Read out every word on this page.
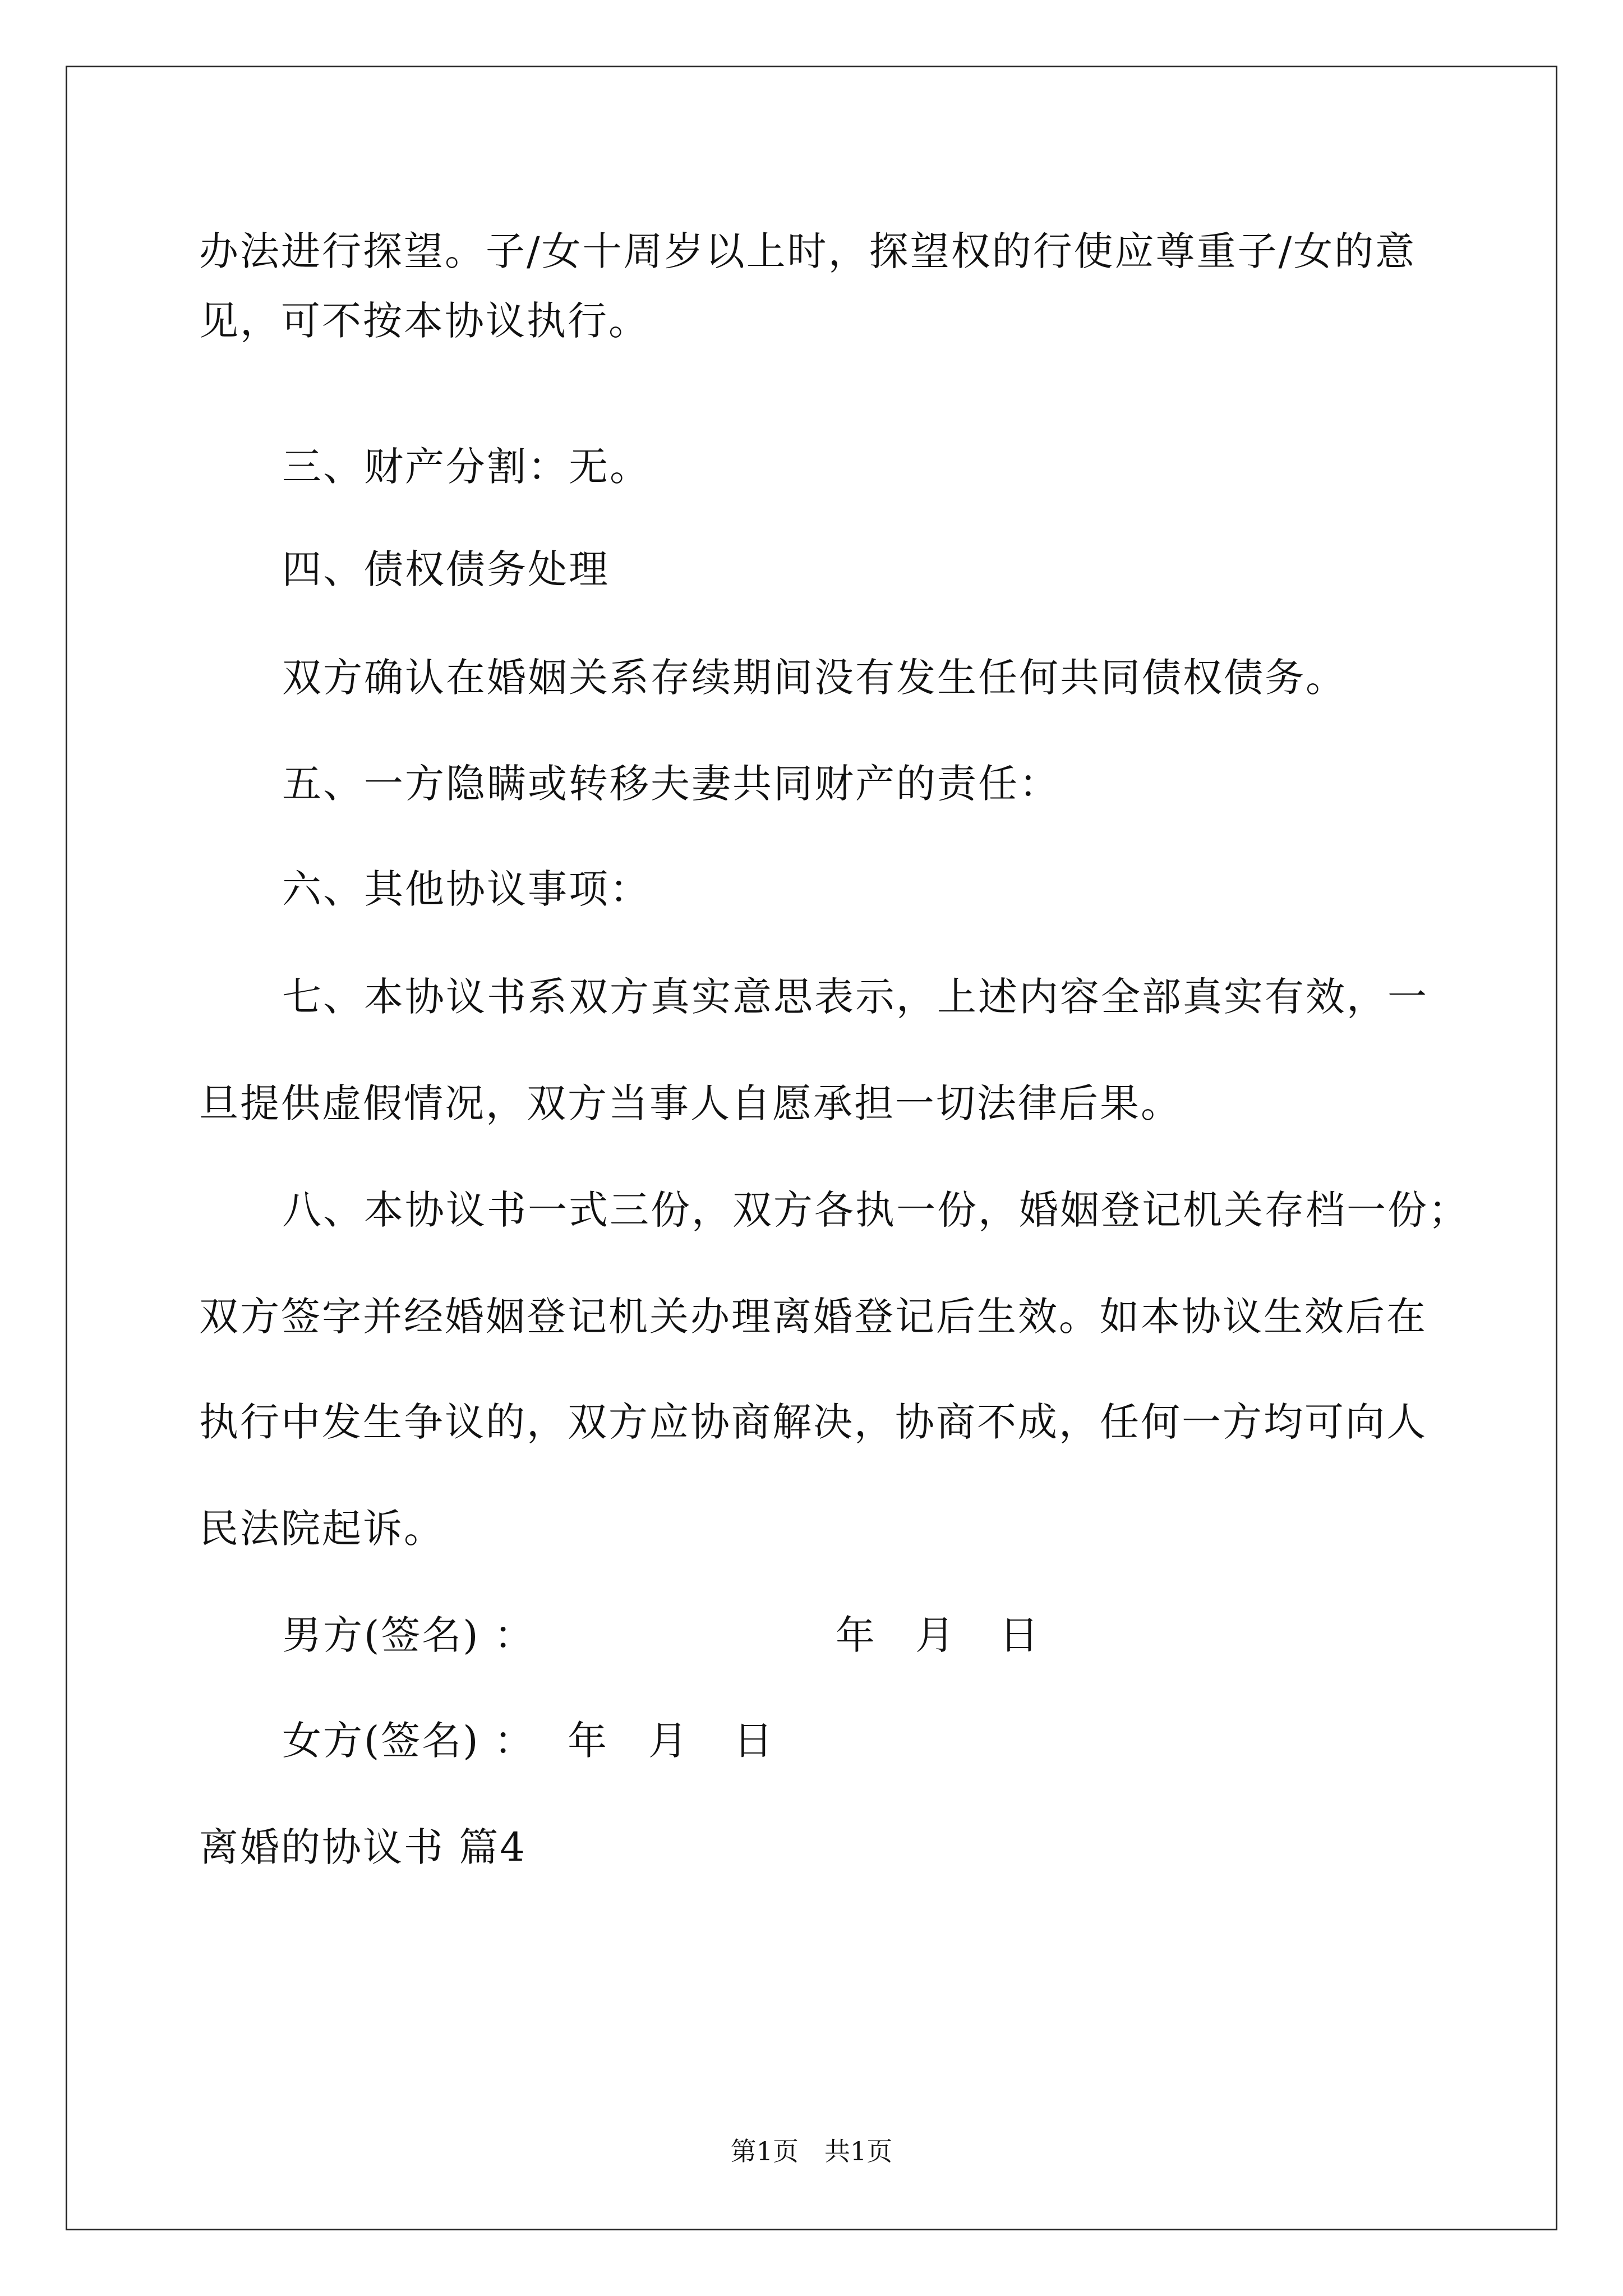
办法进行探望。子/女十周岁以上时，探望权的行使应尊重子/女的意
见，可不按本协议执行。
三、财产分割：无。
四、债权债务处理
双方确认在婚姻关系存续期间没有发生任何共同债权债务。
五、一方隐瞒或转移夫妻共同财产的责任：
六、其他协议事项：
七、本协议书系双方真实意思表示，上述内容全部真实有效，一
旦提供虚假情况，双方当事人自愿承担一切法律后果。
八、本协议书一式三份，双方各执一份，婚姻登记机关存档一份；
双方签字并经婚姻登记机关办理离婚登记后生效。如本协议生效后在
执行中发生争议的，双方应协商解决，协商不成，任何一方均可向人
民法院起诉。
男方(签名) ：	年 月 日
女方(签名) ： 年 月 日
离婚的协议书 篇4
第1页　共1页
